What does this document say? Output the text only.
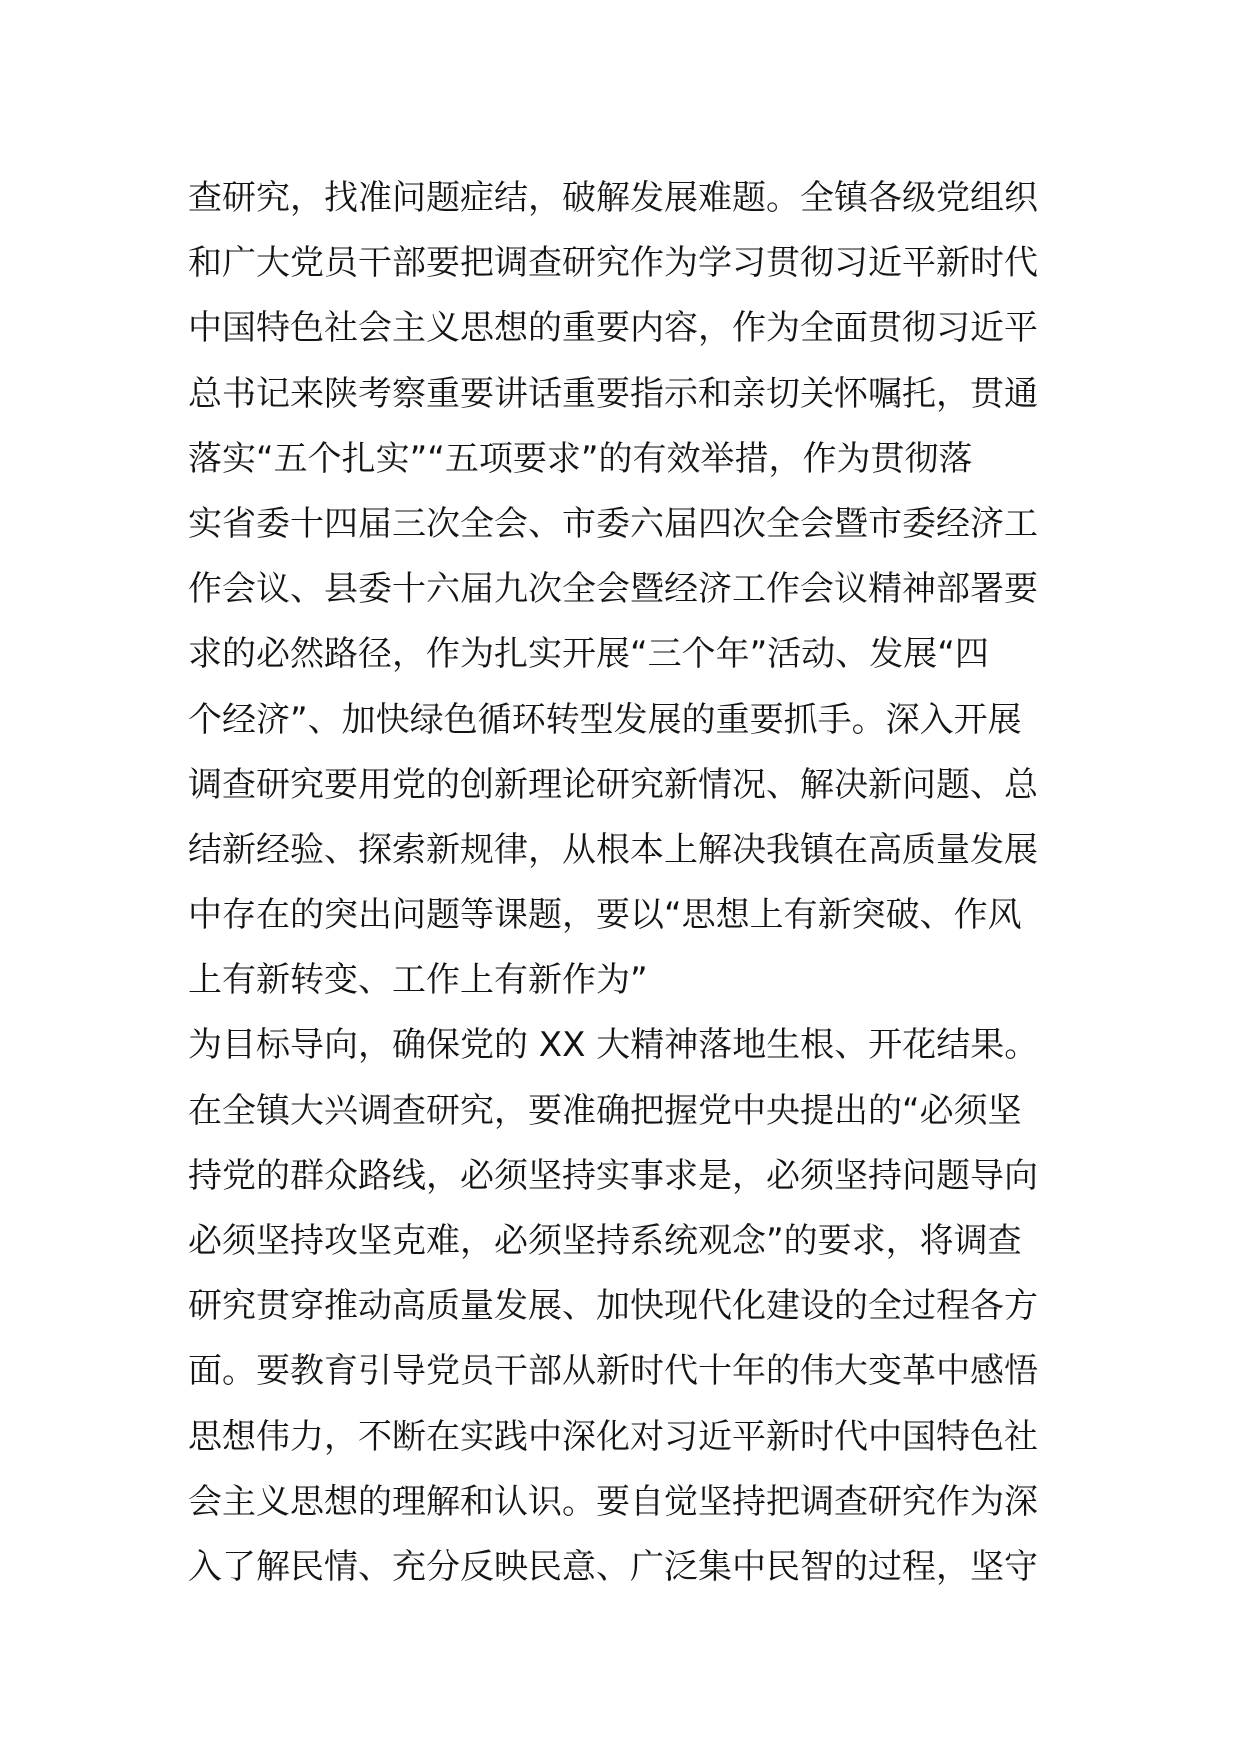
查研究，找准问题症结，破解发展难题。全镇各级党组织
和广大党员干部要把调查研究作为学习贯彻习近平新时代
中国特色社会主义思想的重要内容，作为全面贯彻习近平
总书记来陕考察重要讲话重要指示和亲切关怀嘱托，贯通
落实“五个扎实”“五项要求”的有效举措，作为贯彻落
实省委十四届三次全会、市委六届四次全会暨市委经济工
作会议、县委十六届九次全会暨经济工作会议精神部署要
求的必然路径，作为扎实开展“三个年”活动、发展“四
个经济”、加快绿色循环转型发展的重要抓手。深入开展
调查研究要用党的创新理论研究新情况、解决新问题、总
结新经验、探索新规律，从根本上解决我镇在高质量发展
中存在的突出问题等课题，要以“思想上有新突破、作风
上有新转变、工作上有新作为”
为目标导向，确保党的 XX 大精神落地生根、开花结果。
在全镇大兴调查研究，要准确把握党中央提出的“必须坚
持党的群众路线，必须坚持实事求是，必须坚持问题导向
必须坚持攻坚克难，必须坚持系统观念”的要求，将调查
研究贯穿推动高质量发展、加快现代化建设的全过程各方
面。要教育引导党员干部从新时代十年的伟大变革中感悟
思想伟力，不断在实践中深化对习近平新时代中国特色社
会主义思想的理解和认识。要自觉坚持把调查研究作为深
入了解民情、充分反映民意、广泛集中民智的过程，坚守
